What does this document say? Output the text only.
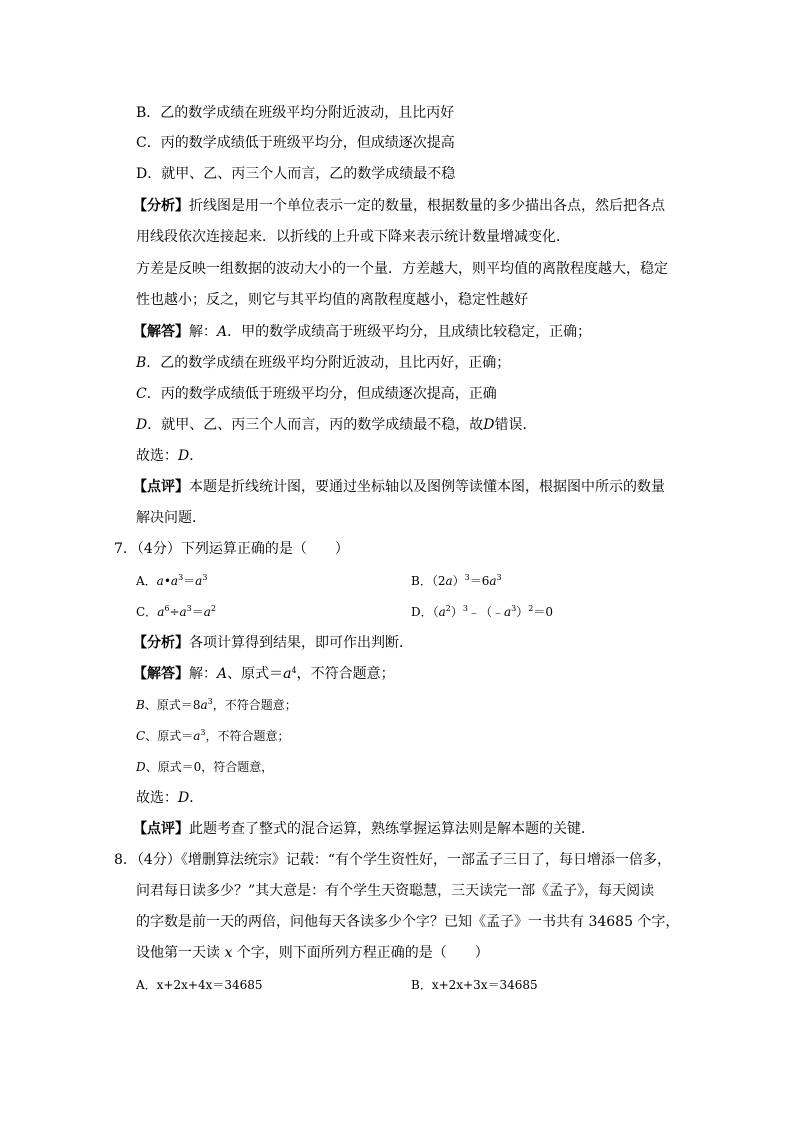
B．乙的数学成绩在班级平均分附近波动，且比丙好
C．丙的数学成绩低于班级平均分，但成绩逐次提高
D．就甲、乙、丙三个人而言，乙的数学成绩最不稳
【分析】折线图是用一个单位表示一定的数量，根据数量的多少描出各点，然后把各点
用线段依次连接起来．以折线的上升或下降来表示统计数量增减变化．
方差是反映一组数据的波动大小的一个量．方差越大，则平均值的离散程度越大，稳定
性也越小；反之，则它与其平均值的离散程度越小，稳定性越好
【解答】解：A．甲的数学成绩高于班级平均分，且成绩比较稳定，正确；
B．乙的数学成绩在班级平均分附近波动，且比丙好，正确；
C．丙的数学成绩低于班级平均分，但成绩逐次提高，正确
D．就甲、乙、丙三个人而言，丙的数学成绩最不稳，故D错误．
故选：D．
【点评】本题是折线统计图，要通过坐标轴以及图例等读懂本图，根据图中所示的数量
解决问题．
7．（4分）下列运算正确的是（　　）
A．$a•a^3=a^3$	B．$(2a)^3=6a^3$
C．$a^6\div a^3=a^2$	D．$(a^2)^3﹣(﹣a^3)^2=0$
【分析】各项计算得到结果，即可作出判断．
【解答】解：A、原式$=a^4$，不符合题意；
B、原式$=8a^3$，不符合题意；
C、原式$=a^3$，不符合题意；
D、原式＝0，符合题意，
故选：D．
【点评】此题考查了整式的混合运算，熟练掌握运算法则是解本题的关键．
8．（4分）《增删算法统宗》记载：“有个学生资性好，一部孟子三日了，每日增添一倍多，
问君每日读多少？”其大意是：有个学生天资聪慧，三天读完一部《孟子》，每天阅读
的字数是前一天的两倍，问他每天各读多少个字？已知《孟子》一书共有 34685 个字，
设他第一天读 x 个字，则下面所列方程正确的是（　　）
A．x+2x+4x＝34685	B．x+2x+3x＝34685
